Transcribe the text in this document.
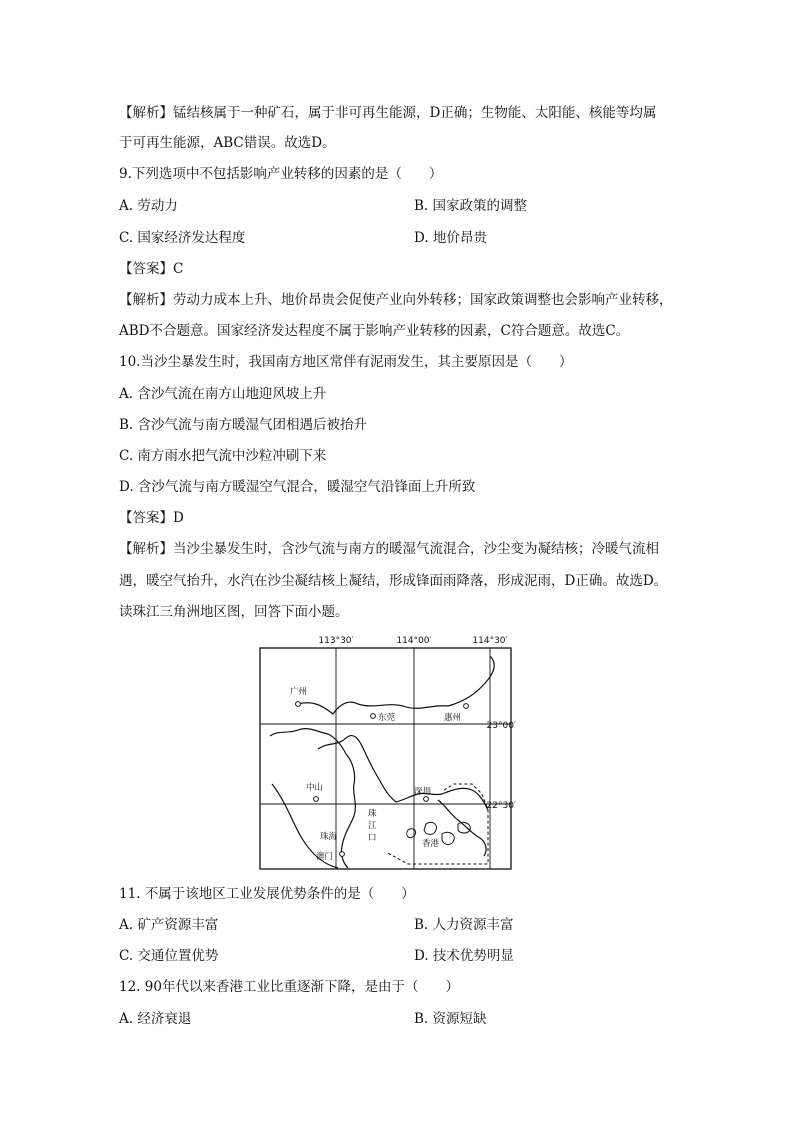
【解析】锰结核属于一种矿石，属于非可再生能源，D正确；生物能、太阳能、核能等均属
于可再生能源，ABC错误。故选D。
9.下列选项中不包括影响产业转移的因素的是（　　）
A. 劳动力	B. 国家政策的调整
C. 国家经济发达程度	D. 地价昂贵
【答案】C
【解析】劳动力成本上升、地价昂贵会促使产业向外转移；国家政策调整也会影响产业转移，
ABD不合题意。国家经济发达程度不属于影响产业转移的因素，C符合题意。故选C。
10.当沙尘暴发生时，我国南方地区常伴有泥雨发生，其主要原因是（　　）
A. 含沙气流在南方山地迎风坡上升
B. 含沙气流与南方暖湿气团相遇后被抬升
C. 南方雨水把气流中沙粒冲刷下来
D. 含沙气流与南方暖湿空气混合，暖湿空气沿锋面上升所致
【答案】D
【解析】当沙尘暴发生时，含沙气流与南方的暖湿气流混合，沙尘变为凝结核；冷暖气流相
遇，暖空气抬升，水汽在沙尘凝结核上凝结，形成锋面雨降落，形成泥雨，D正确。故选D。
读珠江三角洲地区图，回答下面小题。
113°30′	114°00′	114°30′
23°00′
22°30′
广州
东莞	惠州
中山	深圳
珠海
澳门
香港
珠
江
口
11. 不属于该地区工业发展优势条件的是（　　）
A. 矿产资源丰富	B. 人力资源丰富
C. 交通位置优势	D. 技术优势明显
12. 90年代以来香港工业比重逐渐下降，是由于（　　）
A. 经济衰退	B. 资源短缺
